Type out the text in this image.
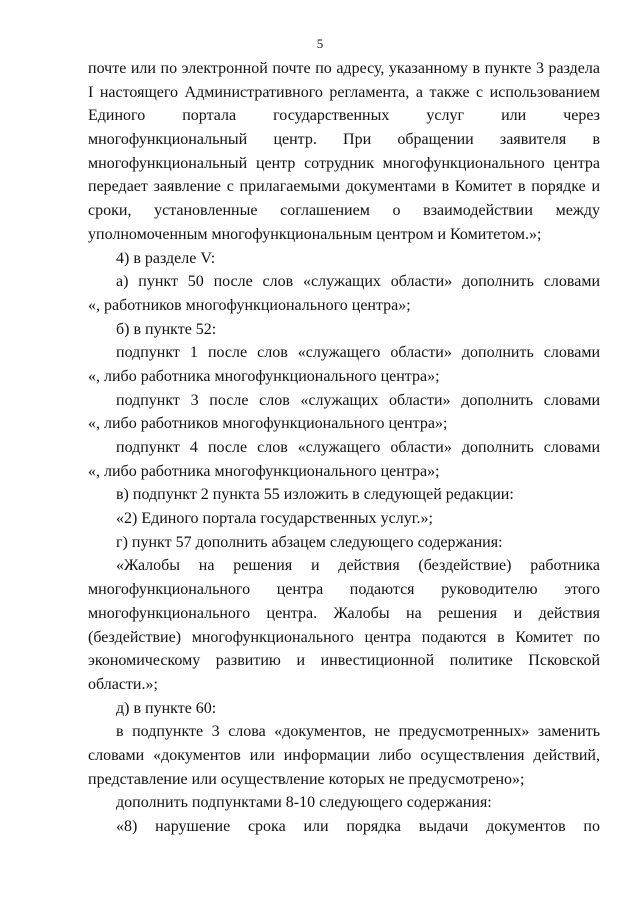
5
почте или по электронной почте по адресу, указанному в пункте 3 раздела
I настоящего Административного регламента, а также с использованием
Единого портала государственных услуг или через
многофункциональный центр. При обращении заявителя в
многофункциональный центр сотрудник многофункционального центра
передает заявление с прилагаемыми документами в Комитет в порядке и
сроки, установленные соглашением о взаимодействии между
уполномоченным многофункциональным центром и Комитетом.»;
4) в разделе V:
а) пункт 50 после слов «служащих области» дополнить словами
«, работников многофункционального центра»;
б) в пункте 52:
подпункт 1 после слов «служащего области» дополнить словами
«, либо работника многофункционального центра»;
подпункт 3 после слов «служащих области» дополнить словами
«, либо работников многофункционального центра»;
подпункт 4 после слов «служащего области» дополнить словами
«, либо работника многофункционального центра»;
в) подпункт 2 пункта 55 изложить в следующей редакции:
«2) Единого портала государственных услуг.»;
г) пункт 57 дополнить абзацем следующего содержания:
«Жалобы на решения и действия (бездействие) работника
многофункционального центра подаются руководителю этого
многофункционального центра. Жалобы на решения и действия
(бездействие) многофункционального центра подаются в Комитет по
экономическому развитию и инвестиционной политике Псковской
области.»;
д) в пункте 60:
в подпункте 3 слова «документов, не предусмотренных» заменить
словами «документов или информации либо осуществления действий,
представление или осуществление которых не предусмотрено»;
дополнить подпунктами 8-10 следующего содержания:
«8) нарушение срока или порядка выдачи документов по
